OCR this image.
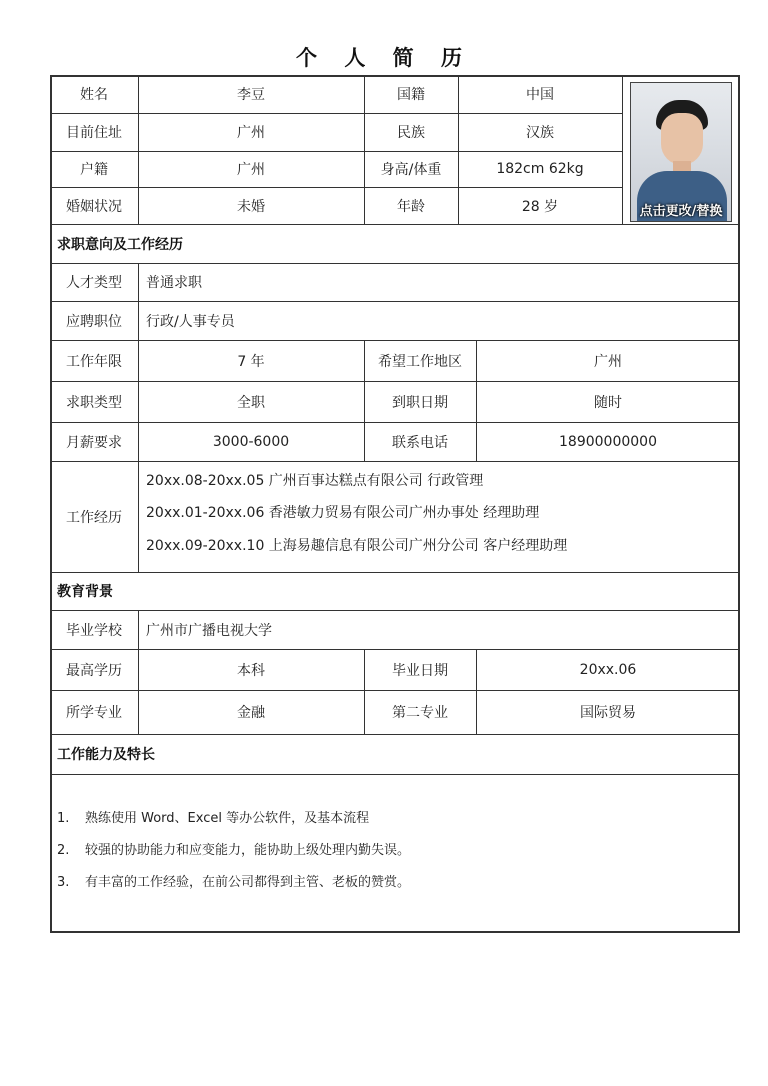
个 人 简 历
姓名	李豆	国籍	中国
目前住址	广州	民族	汉族
户籍	广州	身高/体重	182cm 62kg
婚姻状况	未婚	年龄	28 岁	点击更改/替换
求职意向及工作经历
人才类型	普通求职
应聘职位	行政/人事专员
工作年限	7 年	希望工作地区	广州
求职类型	全职	到职日期	随时
月薪要求	3000-6000	联系电话	18900000000
工作经历
20xx.08-20xx.05 广州百事达糕点有限公司 行政管理
20xx.01-20xx.06 香港敏力贸易有限公司广州办事处 经理助理
20xx.09-20xx.10 上海易趣信息有限公司广州分公司 客户经理助理
教育背景
毕业学校	广州市广播电视大学
最高学历	本科	毕业日期	20xx.06
所学专业	金融	第二专业	国际贸易
工作能力及特长
1. 熟练使用 Word、Excel 等办公软件，及基本流程
2. 较强的协助能力和应变能力，能协助上级处理内勤失误。
3. 有丰富的工作经验，在前公司都得到主管、老板的赞赏。
